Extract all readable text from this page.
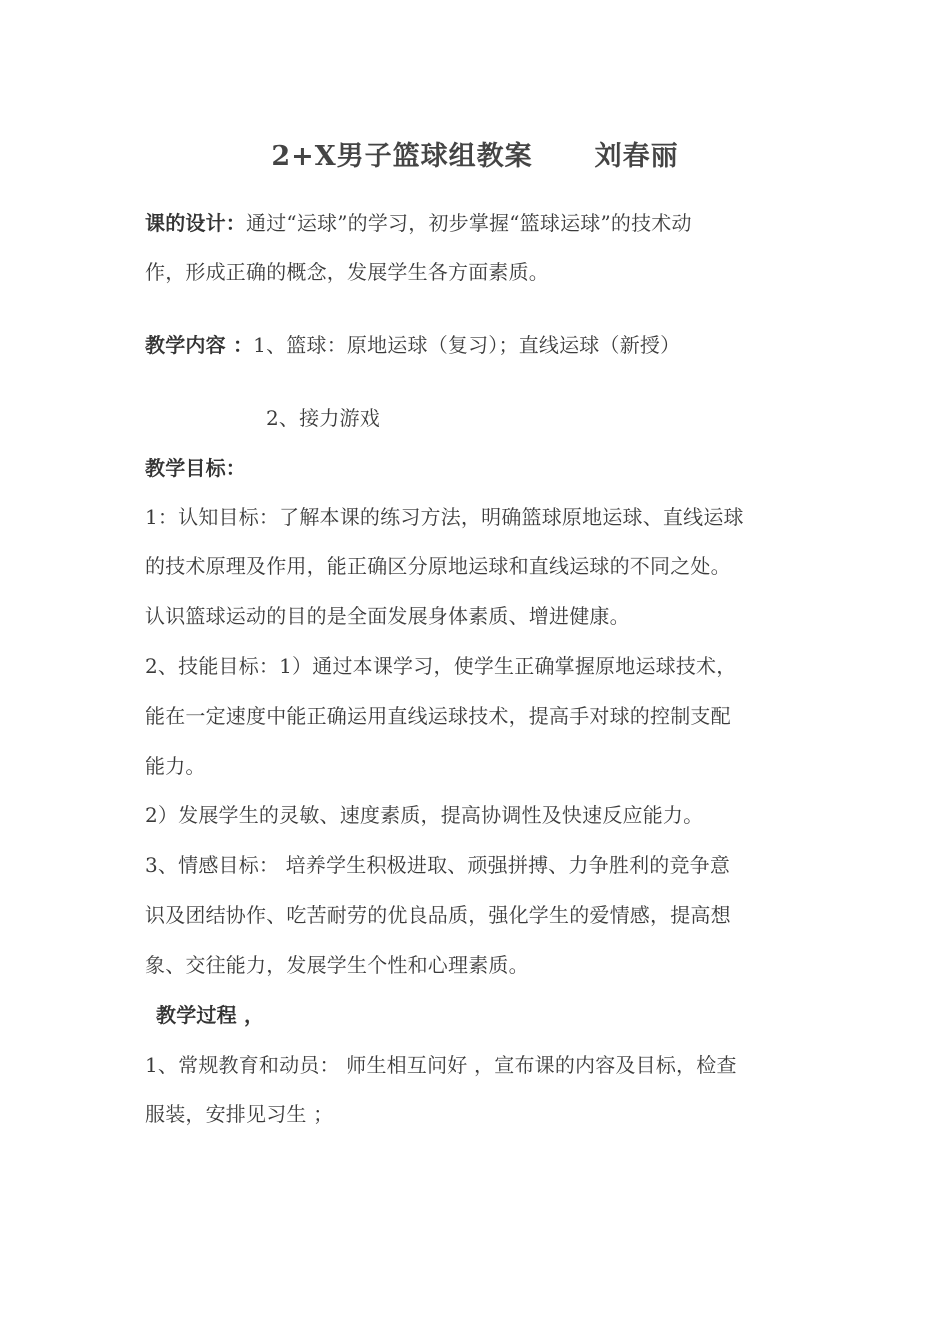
2+X男子篮球组教案 刘春丽
课的设计：通过“运球”的学习，初步掌握“篮球运球”的技术动
作，形成正确的概念，发展学生各方面素质。
教学内容 ：1、篮球：原地运球（复习）；直线运球（新授）
2、接力游戏
教学目标：
1：认知目标：了解本课的练习方法，明确篮球原地运球、直线运球
的技术原理及作用，能正确区分原地运球和直线运球的不同之处。
认识篮球运动的目的是全面发展身体素质、增进健康。
2、技能目标：1）通过本课学习，使学生正确掌握原地运球技术，
能在一定速度中能正确运用直线运球技术，提高手对球的控制支配
能力。
2）发展学生的灵敏、速度素质，提高协调性及快速反应能力。
3、情感目标： 培养学生积极进取、顽强拼搏、力争胜利的竞争意
识及团结协作、吃苦耐劳的优良品质，强化学生的爱情感，提高想
象、交往能力，发展学生个性和心理素质。
教学过程 ，
1、常规教育和动员： 师生相互问好 ，宣布课的内容及目标，检查
服装，安排见习生 ；
